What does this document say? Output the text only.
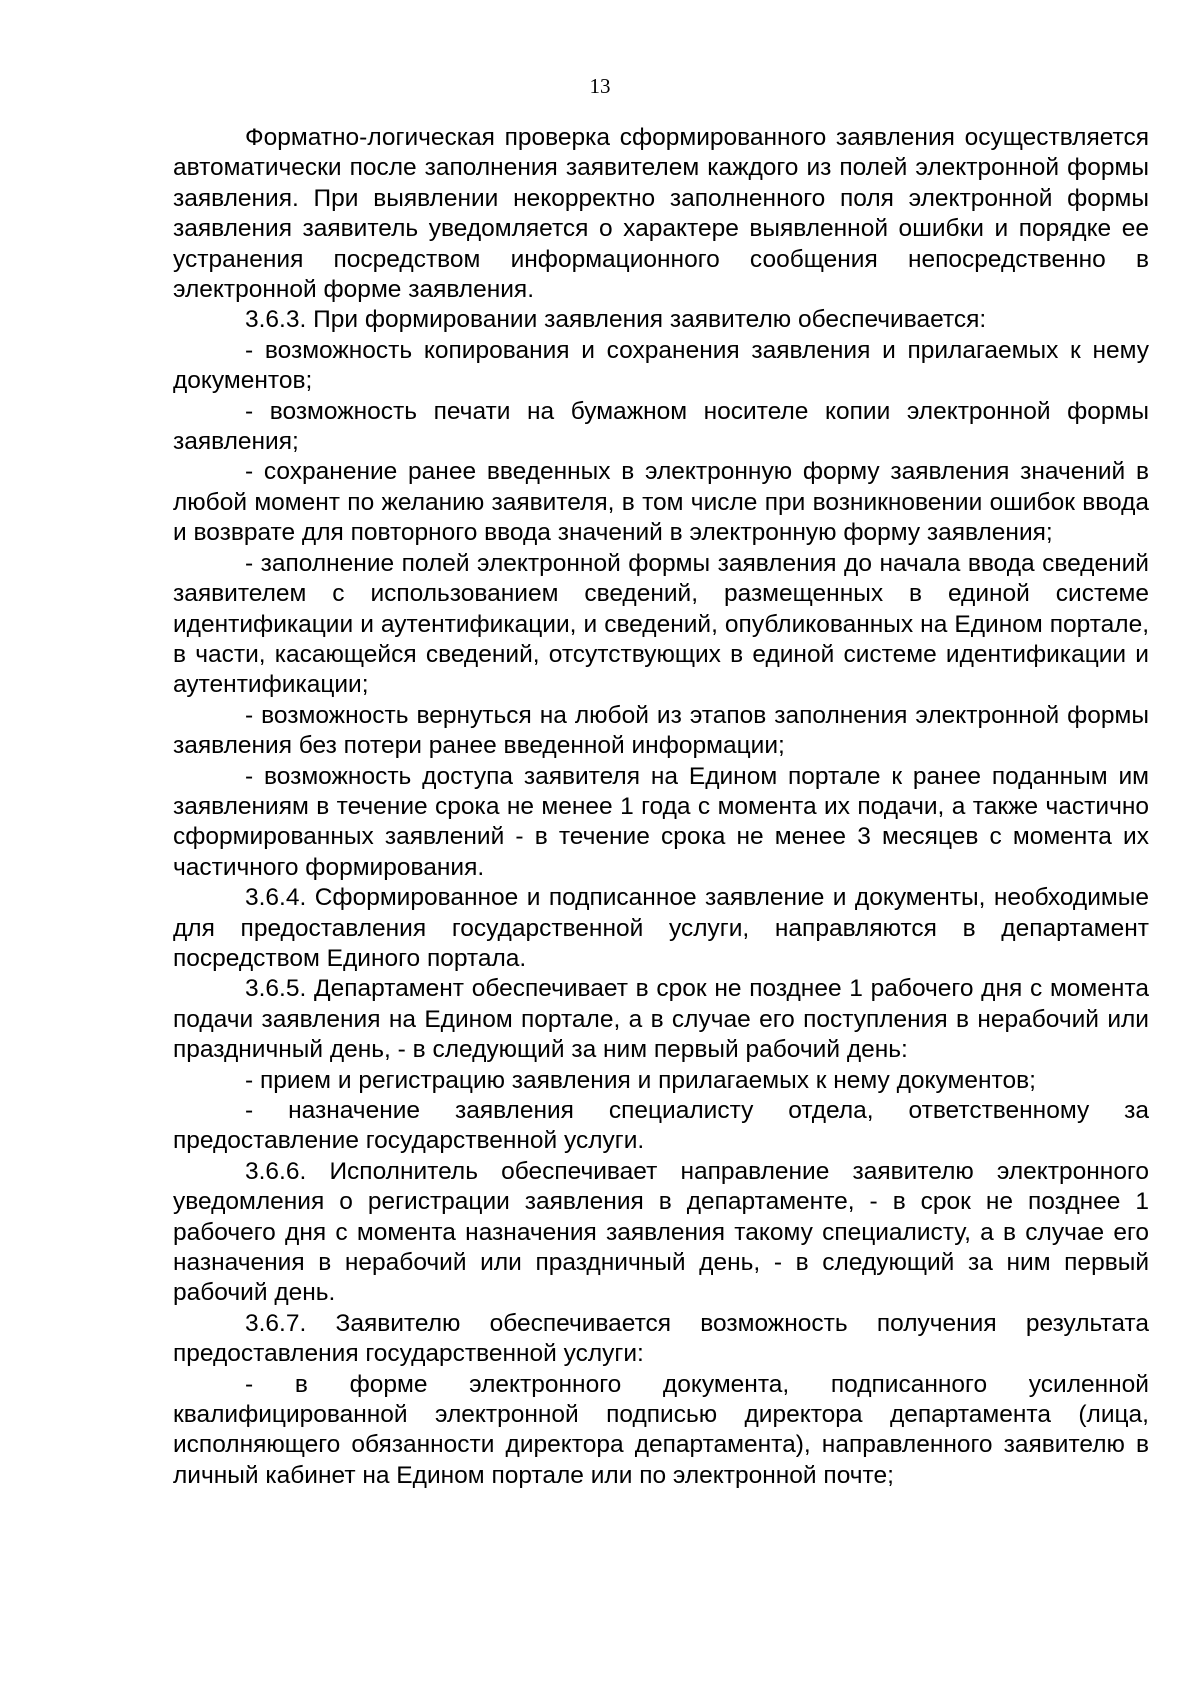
13

Форматно-логическая проверка сформированного заявления осуществляется автоматически после заполнения заявителем каждого из полей электронной формы заявления. При выявлении некорректно заполненного поля электронной формы заявления заявитель уведомляется о характере выявленной ошибки и порядке ее устранения посредством информационного сообщения непосредственно в электронной форме заявления.

3.6.3. При формировании заявления заявителю обеспечивается:

- возможность копирования и сохранения заявления и прилагаемых к нему документов;

- возможность печати на бумажном носителе копии электронной формы заявления;

- сохранение ранее введенных в электронную форму заявления значений в любой момент по желанию заявителя, в том числе при возникновении ошибок ввода и возврате для повторного ввода значений в электронную форму заявления;

- заполнение полей электронной формы заявления до начала ввода сведений заявителем с использованием сведений, размещенных в единой системе идентификации и аутентификации, и сведений, опубликованных на Едином портале, в части, касающейся сведений, отсутствующих в единой системе идентификации и аутентификации;

- возможность вернуться на любой из этапов заполнения электронной формы заявления без потери ранее введенной информации;

- возможность доступа заявителя на Едином портале к ранее поданным им заявлениям в течение срока не менее 1 года с момента их подачи, а также частично сформированных заявлений - в течение срока не менее 3 месяцев с момента их частичного формирования.

3.6.4. Сформированное и подписанное заявление и документы, необходимые для предоставления государственной услуги, направляются в департамент посредством Единого портала.

3.6.5. Департамент обеспечивает в срок не позднее 1 рабочего дня с момента подачи заявления на Едином портале, а в случае его поступления в нерабочий или праздничный день, - в следующий за ним первый рабочий день:

- прием и регистрацию заявления и прилагаемых к нему документов;

- назначение заявления специалисту отдела, ответственному за предоставление государственной услуги.

3.6.6. Исполнитель обеспечивает направление заявителю электронного уведомления о регистрации заявления в департаменте, - в срок не позднее 1 рабочего дня с момента назначения заявления такому специалисту, а в случае его назначения в нерабочий или праздничный день, - в следующий за ним первый рабочий день.

3.6.7. Заявителю обеспечивается возможность получения результата предоставления государственной услуги:

- в форме электронного документа, подписанного усиленной квалифицированной электронной подписью директора департамента (лица, исполняющего обязанности директора департамента), направленного заявителю в личный кабинет на Едином портале или по электронной почте;
